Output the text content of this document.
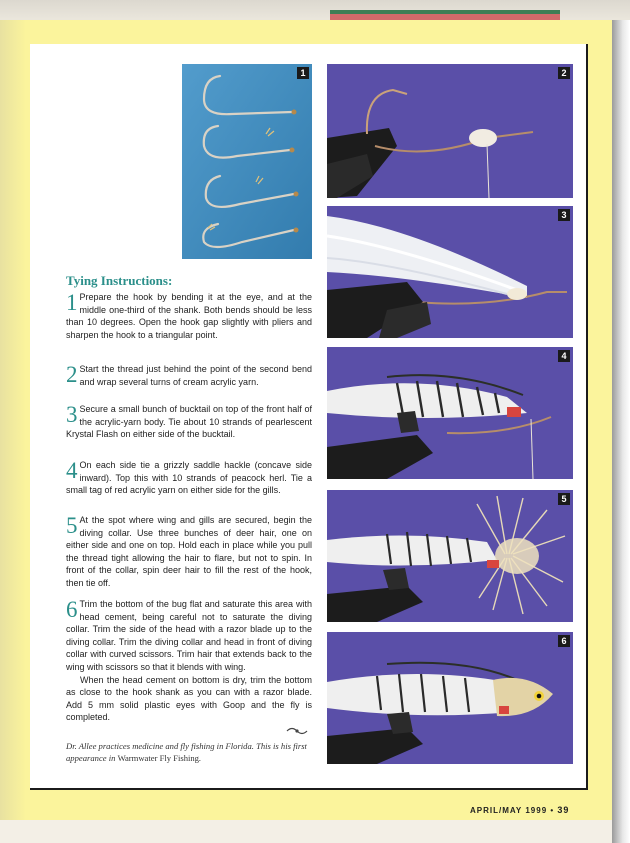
1	2
3
4
5
6
Tying Instructions:
1 Prepare the hook by bending it at the eye, and at the middle one-third of the shank. Both bends should be less than 10 degrees. Open the hook gap slightly with pliers and sharpen the hook to a triangular point.

2 Start the thread just behind the point of the second bend and wrap several turns of cream acrylic yarn.

3 Secure a small bunch of bucktail on top of the front half of the acrylic-yarn body. Tie about 10 strands of pearlescent Krystal Flash on either side of the bucktail.

4 On each side tie a grizzly saddle hackle (concave side inward). Top this with 10 strands of peacock herl. Tie a small tag of red acrylic yarn on either side for the gills.

5 At the spot where wing and gills are secured, begin the diving collar. Use three bunches of deer hair, one on either side and one on top. Hold each in place while you pull the thread tight allowing the hair to flare, but not to spin. In front of the collar, spin deer hair to fill the rest of the hook, then tie off.

6 Trim the bottom of the bug flat and saturate this area with head cement, being careful not to saturate the diving collar. Trim the side of the head with a razor blade up to the diving collar. Trim the diving collar and head in front of diving collar with curved scissors. Trim hair that extends back to the wing with scissors so that it blends with wing.

When the head cement on bottom is dry, trim the bottom as close to the hook shank as you can with a razor blade. Add 5 mm solid plastic eyes with Goop and the fly is completed.

Dr. Allee practices medicine and fly fishing in Florida. This is his first appearance in Warmwater Fly Fishing.
APRIL/MAY 1999 • 39
